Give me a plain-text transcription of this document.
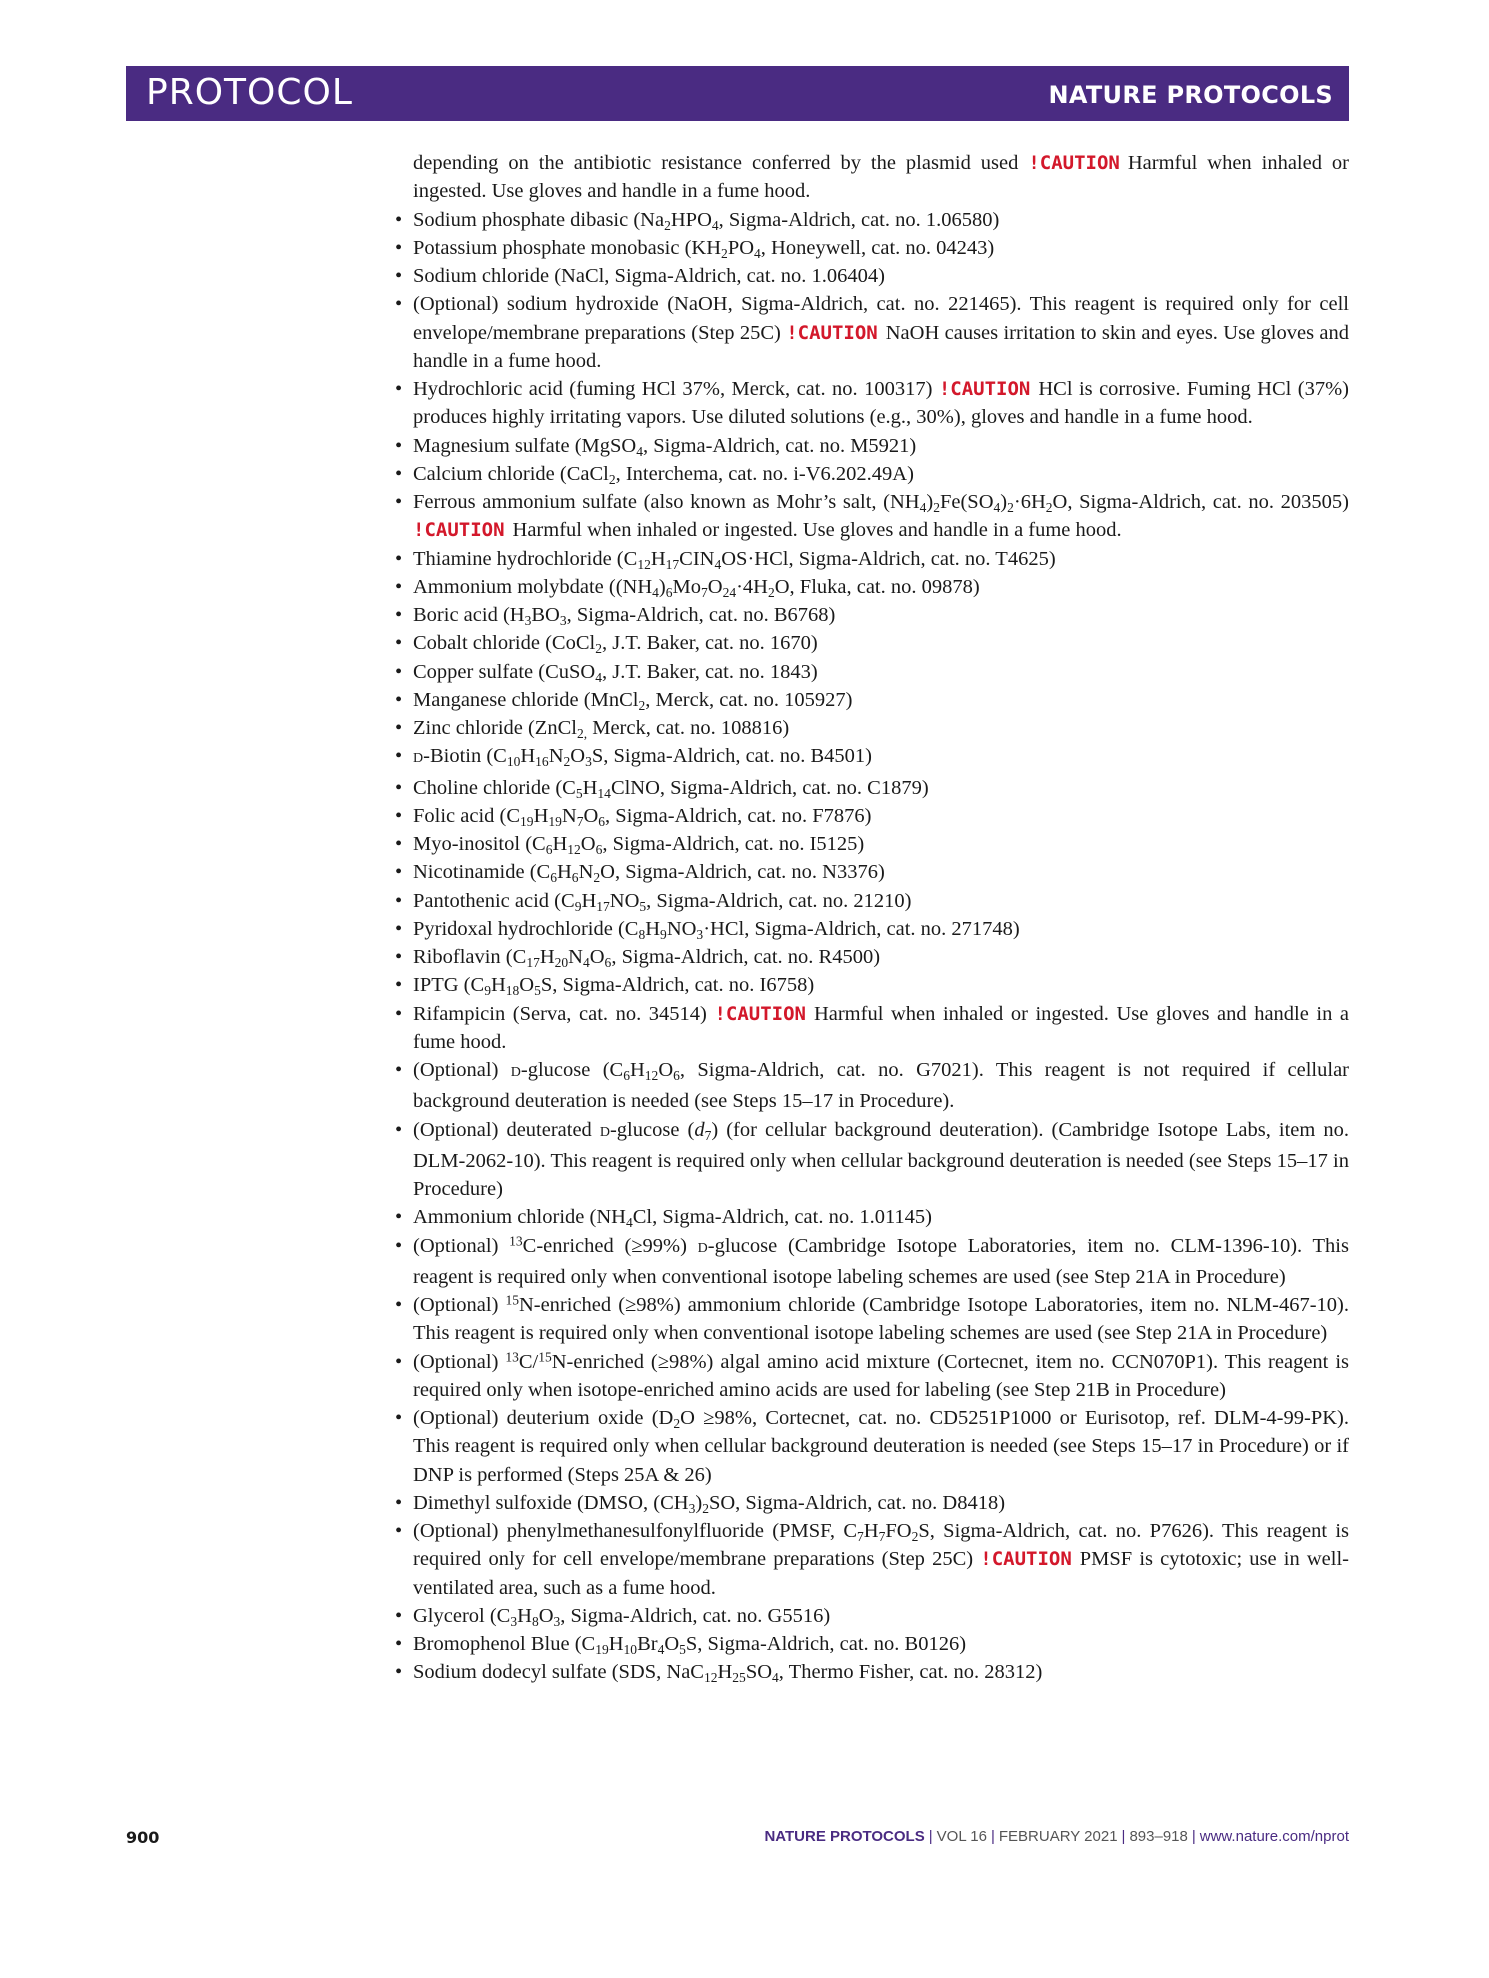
PROTOCOL	NATURE PROTOCOLS
depending on the antibiotic resistance conferred by the plasmid used !CAUTION Harmful when inhaled or ingested. Use gloves and handle in a fume hood.
• Sodium phosphate dibasic ($Na_2HPO_4$, Sigma-Aldrich, cat. no. 1.06580)
• Potassium phosphate monobasic ($KH_2PO_4$, Honeywell, cat. no. 04243)
• Sodium chloride (NaCl, Sigma-Aldrich, cat. no. 1.06404)
• (Optional) sodium hydroxide (NaOH, Sigma-Aldrich, cat. no. 221465). This reagent is required only for cell envelope/membrane preparations (Step 25C) !CAUTION NaOH causes irritation to skin and eyes. Use gloves and handle in a fume hood.
• Hydrochloric acid (fuming HCl 37%, Merck, cat. no. 100317) !CAUTION HCl is corrosive. Fuming HCl (37%) produces highly irritating vapors. Use diluted solutions (e.g., 30%), gloves and handle in a fume hood.
• Magnesium sulfate (MgSO$_4$, Sigma-Aldrich, cat. no. M5921)
• Calcium chloride (CaCl$_2$, Interchema, cat. no. i-V6.202.49A)
• Ferrous ammonium sulfate (also known as Mohr’s salt, $(NH_4)_2Fe(SO_4)_2\cdot 6H_2O$, Sigma-Aldrich, cat. no. 203505) !CAUTION Harmful when inhaled or ingested. Use gloves and handle in a fume hood.
• Thiamine hydrochloride ($C_{12}H_{17}CIN_4OS\cdot HCl$, Sigma-Aldrich, cat. no. T4625)
• Ammonium molybdate ($(NH_4)_6Mo_7O_{24}\cdot 4H_2O$, Fluka, cat. no. 09878)
• Boric acid ($H_3BO_3$, Sigma-Aldrich, cat. no. B6768)
• Cobalt chloride (CoCl$_2$, J.T. Baker, cat. no. 1670)
• Copper sulfate (CuSO$_4$, J.T. Baker, cat. no. 1843)
• Manganese chloride (MnCl$_2$, Merck, cat. no. 105927)
• Zinc chloride (ZnCl$_{2,}$ Merck, cat. no. 108816)
• D-Biotin ($C_{10}H_{16}N_2O_3S$, Sigma-Aldrich, cat. no. B4501)
• Choline chloride ($C_5H_{14}ClNO$, Sigma-Aldrich, cat. no. C1879)
• Folic acid ($C_{19}H_{19}N_7O_6$, Sigma-Aldrich, cat. no. F7876)
• Myo-inositol ($C_6H_{12}O_6$, Sigma-Aldrich, cat. no. I5125)
• Nicotinamide ($C_6H_6N_2O$, Sigma-Aldrich, cat. no. N3376)
• Pantothenic acid ($C_9H_{17}NO_5$, Sigma-Aldrich, cat. no. 21210)
• Pyridoxal hydrochloride ($C_8H_9NO_3\cdot HCl$, Sigma-Aldrich, cat. no. 271748)
• Riboflavin ($C_{17}H_{20}N_4O_6$, Sigma-Aldrich, cat. no. R4500)
• IPTG ($C_9H_{18}O_5S$, Sigma-Aldrich, cat. no. I6758)
• Rifampicin (Serva, cat. no. 34514) !CAUTION Harmful when inhaled or ingested. Use gloves and handle in a fume hood.
• (Optional) D-glucose ($C_6H_{12}O_6$, Sigma-Aldrich, cat. no. G7021). This reagent is not required if cellular background deuteration is needed (see Steps 15–17 in Procedure).
• (Optional) deuterated D-glucose $(d_7)$ (for cellular background deuteration). (Cambridge Isotope Labs, item no. DLM-2062-10). This reagent is required only when cellular background deuteration is needed (see Steps 15–17 in Procedure)
• Ammonium chloride ($NH_4Cl$, Sigma-Aldrich, cat. no. 1.01145)
• (Optional) $^{13}$C-enriched (≥99%) D-glucose (Cambridge Isotope Laboratories, item no. CLM-1396-10). This reagent is required only when conventional isotope labeling schemes are used (see Step 21A in Procedure)
• (Optional) $^{15}$N-enriched (≥98%) ammonium chloride (Cambridge Isotope Laboratories, item no. NLM-467-10). This reagent is required only when conventional isotope labeling schemes are used (see Step 21A in Procedure)
• (Optional) $^{13}$C/$^{15}$N-enriched (≥98%) algal amino acid mixture (Cortecnet, item no. CCN070P1). This reagent is required only when isotope-enriched amino acids are used for labeling (see Step 21B in Procedure)
• (Optional) deuterium oxide ($D_2O \ge 98\%$, Cortecnet, cat. no. CD5251P1000 or Eurisotop, ref. DLM-4-99-PK). This reagent is required only when cellular background deuteration is needed (see Steps 15–17 in Procedure) or if DNP is performed (Steps 25A & 26)
• Dimethyl sulfoxide (DMSO, $(CH_3)_2SO$, Sigma-Aldrich, cat. no. D8418)
• (Optional) phenylmethanesulfonylfluoride (PMSF, $C_7H_7FO_2S$, Sigma-Aldrich, cat. no. P7626). This reagent is required only for cell envelope/membrane preparations (Step 25C) !CAUTION PMSF is cytotoxic; use in well-ventilated area, such as a fume hood.
• Glycerol ($C_3H_8O_3$, Sigma-Aldrich, cat. no. G5516)
• Bromophenol Blue ($C_{19}H_{10}Br_4O_5S$, Sigma-Aldrich, cat. no. B0126)
• Sodium dodecyl sulfate (SDS, $NaC_{12}H_{25}SO_4$, Thermo Fisher, cat. no. 28312)
900	NATURE PROTOCOLS | VOL 16 | FEBRUARY 2021 | 893–918 | www.nature.com/nprot
